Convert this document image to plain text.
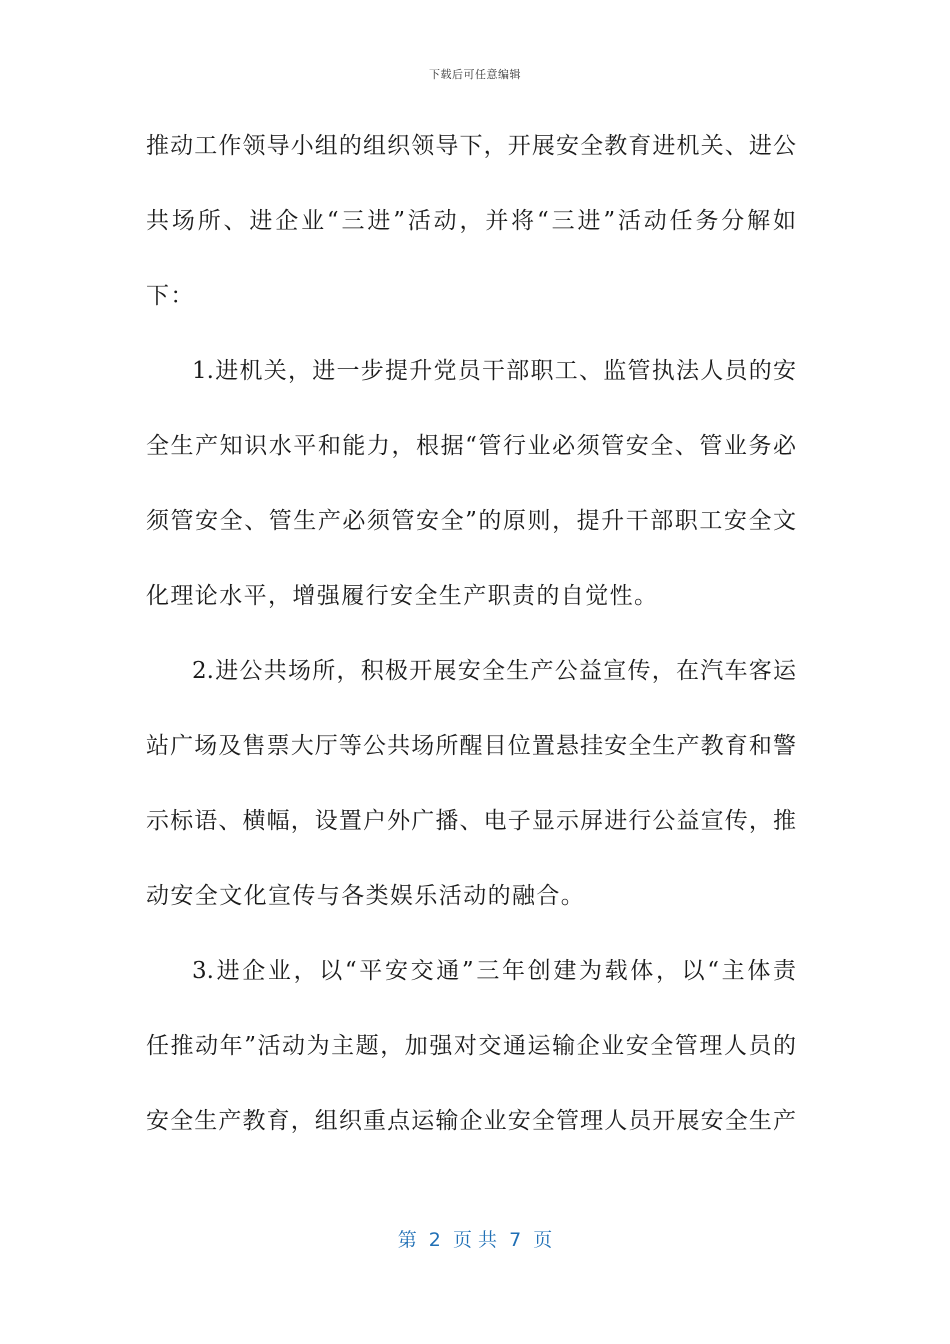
下载后可任意编辑
推动工作领导小组的组织领导下，开展安全教育进机关、进公
共场所、进企业“三进”活动，并将“三进”活动任务分解如
下：
1.进机关，进一步提升党员干部职工、监管执法人员的安
全生产知识水平和能力，根据“管行业必须管安全、管业务必
须管安全、管生产必须管安全”的原则，提升干部职工安全文
化理论水平，增强履行安全生产职责的自觉性。
2.进公共场所，积极开展安全生产公益宣传，在汽车客运
站广场及售票大厅等公共场所醒目位置悬挂安全生产教育和警
示标语、横幅，设置户外广播、电子显示屏进行公益宣传，推
动安全文化宣传与各类娱乐活动的融合。
3.进企业，以“平安交通”三年创建为载体，以“主体责
任推动年”活动为主题，加强对交通运输企业安全管理人员的
安全生产教育，组织重点运输企业安全管理人员开展安全生产
第  2  页 共  7  页
